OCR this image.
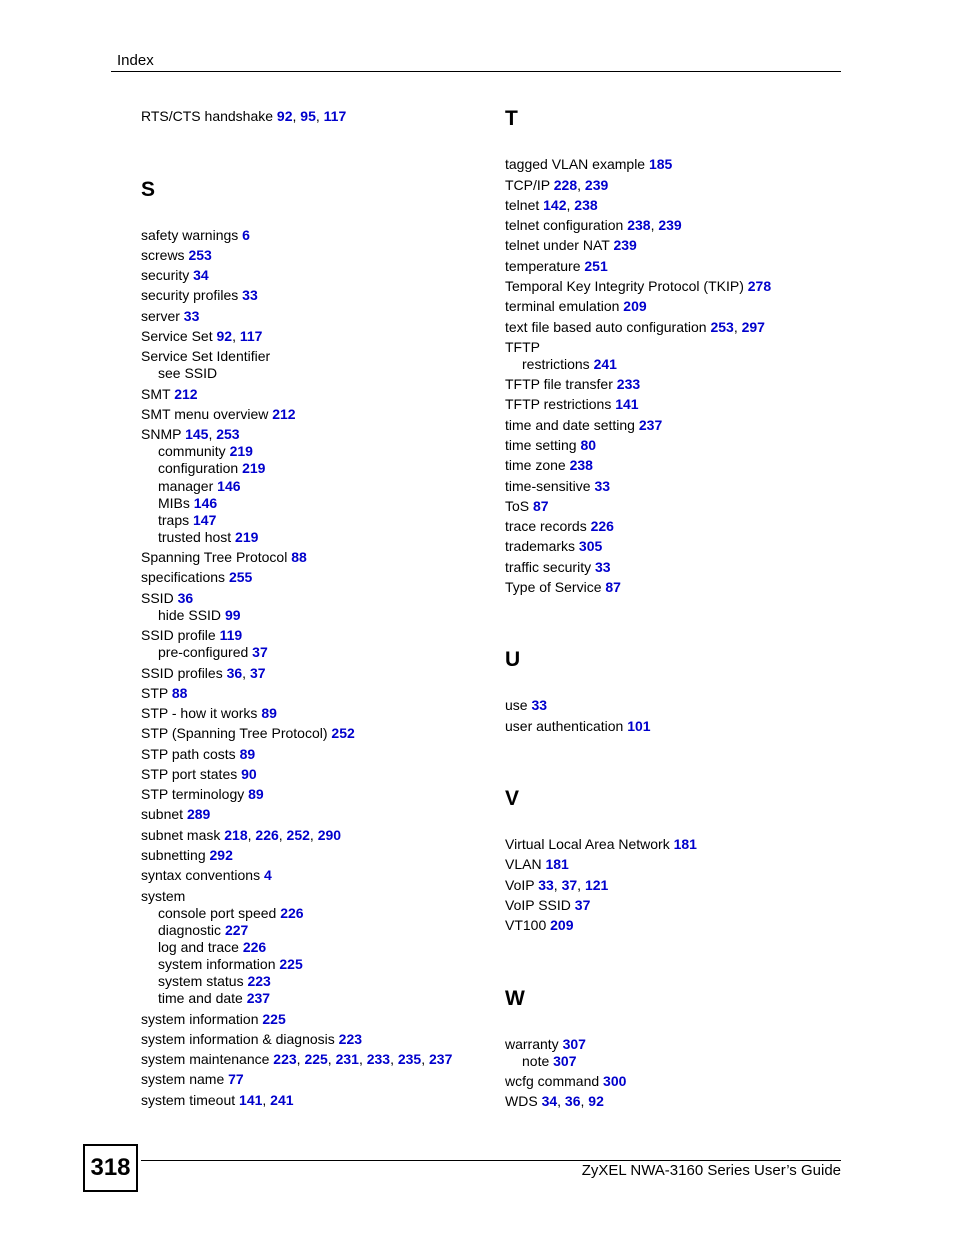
Index
RTS/CTS handshake 92, 95, 117
S
safety warnings 6
screws 253
security 34
security profiles 33
server 33
Service Set 92, 117
Service Set Identifier
see SSID
SMT 212
SMT menu overview 212
SNMP 145, 253
community 219
configuration 219
manager 146
MIBs 146
traps 147
trusted host 219
Spanning Tree Protocol 88
specifications 255
SSID 36
hide SSID 99
SSID profile 119
pre-configured 37
SSID profiles 36, 37
STP 88
STP - how it works 89
STP (Spanning Tree Protocol) 252
STP path costs 89
STP port states 90
STP terminology 89
subnet 289
subnet mask 218, 226, 252, 290
subnetting 292
syntax conventions 4
system
console port speed 226
diagnostic 227
log and trace 226
system information 225
system status 223
time and date 237
system information 225
system information & diagnosis 223
system maintenance 223, 225, 231, 233, 235, 237
system name 77
system timeout 141, 241
T
tagged VLAN example 185
TCP/IP 228, 239
telnet 142, 238
telnet configuration 238, 239
telnet under NAT 239
temperature 251
Temporal Key Integrity Protocol (TKIP) 278
terminal emulation 209
text file based auto configuration 253, 297
TFTP
restrictions 241
TFTP file transfer 233
TFTP restrictions 141
time and date setting 237
time setting 80
time zone 238
time-sensitive 33
ToS 87
trace records 226
trademarks 305
traffic security 33
Type of Service 87
U
use 33
user authentication 101
V
Virtual Local Area Network 181
VLAN 181
VoIP 33, 37, 121
VoIP SSID 37
VT100 209
W
warranty 307
note 307
wcfg command 300
WDS 34, 36, 92
318	ZyXEL NWA-3160 Series User’s Guide
